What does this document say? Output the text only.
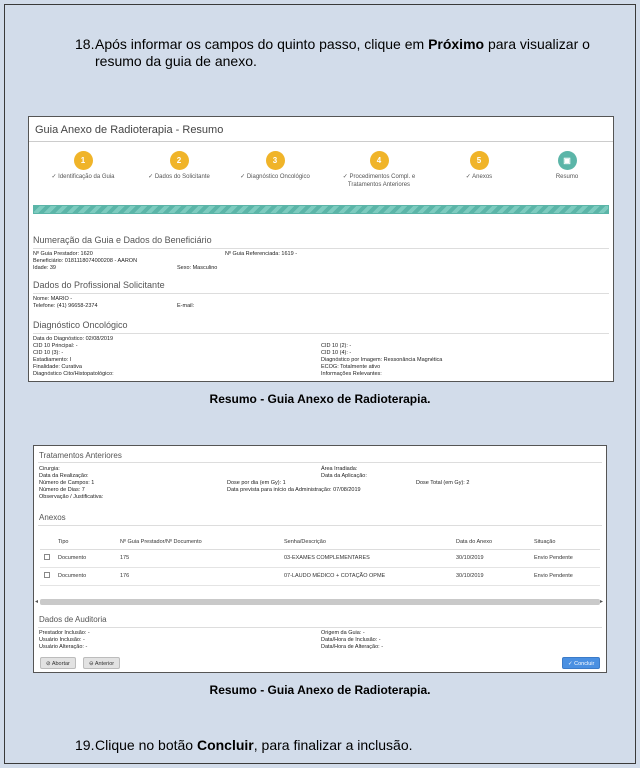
18. Após informar os campos do quinto passo, clique em Próximo para visualizar o
resumo da guia de anexo.
Guia Anexo de Radioterapia - Resumo
1
✓ Identificação da Guia
2
✓ Dados do Solicitante
3
✓ Diagnóstico Oncológico
4
✓ Procedimentos Compl. e Tratamentos Anteriores
5
✓ Anexos
▣
Resumo
Numeração da Guia e Dados do Beneficiário
Nº Guia Prestador: 1620	Nº Guia Referenciada: 1619 -
Beneficiário: 0181118074000208 - AARON
Idade: 39	Sexo: Masculino
Dados do Profissional Solicitante
Nome: MARIO -
Telefone: (41) 96658-2374	E-mail:
Diagnóstico Oncológico
Data do Diagnóstico: 02/08/2019
CID 10 Principal: -	CID 10 (2): -
CID 10 (3): -	CID 10 (4): -
Estadiamento: I	Diagnóstico por Imagem: Ressonância Magnética
Finalidade: Curativa	ECOG: Totalmente ativo
Diagnóstico Cito/Histopatológico:	Informações Relevantes:
Resumo - Guia Anexo de Radioterapia.
Tratamentos Anteriores
Cirurgia:	Área Irradiada:
Data da Realização:	Data da Aplicação:
Número de Campos: 1	Dose por dia (em Gy): 1	Dose Total (em Gy): 2
Número de Dias: 7	Data prevista para início da Administração: 07/08/2019
Observação / Justificativa:
Anexos
	Tipo	Nº Guia Prestador/Nº Documento	Senha/Descrição	Data do Anexo	Situação
	Documento	175	03-EXAMES COMPLEMENTARES	30/10/2019	Envio Pendente
	Documento	176	07-LAUDO MÉDICO + COTAÇÃO OPME	30/10/2019	Envio Pendente
◂	▸
Dados de Auditoria
Prestador Inclusão: -	Origem da Guia: -
Usuário Inclusão: -	Data/Hora de Inclusão: -
Usuário Alteração: -	Data/Hora de Alteração: -
⊘ Abortar	⊖ Anterior	✓ Concluir
Resumo - Guia Anexo de Radioterapia.
19. Clique no botão Concluir, para finalizar a inclusão.
